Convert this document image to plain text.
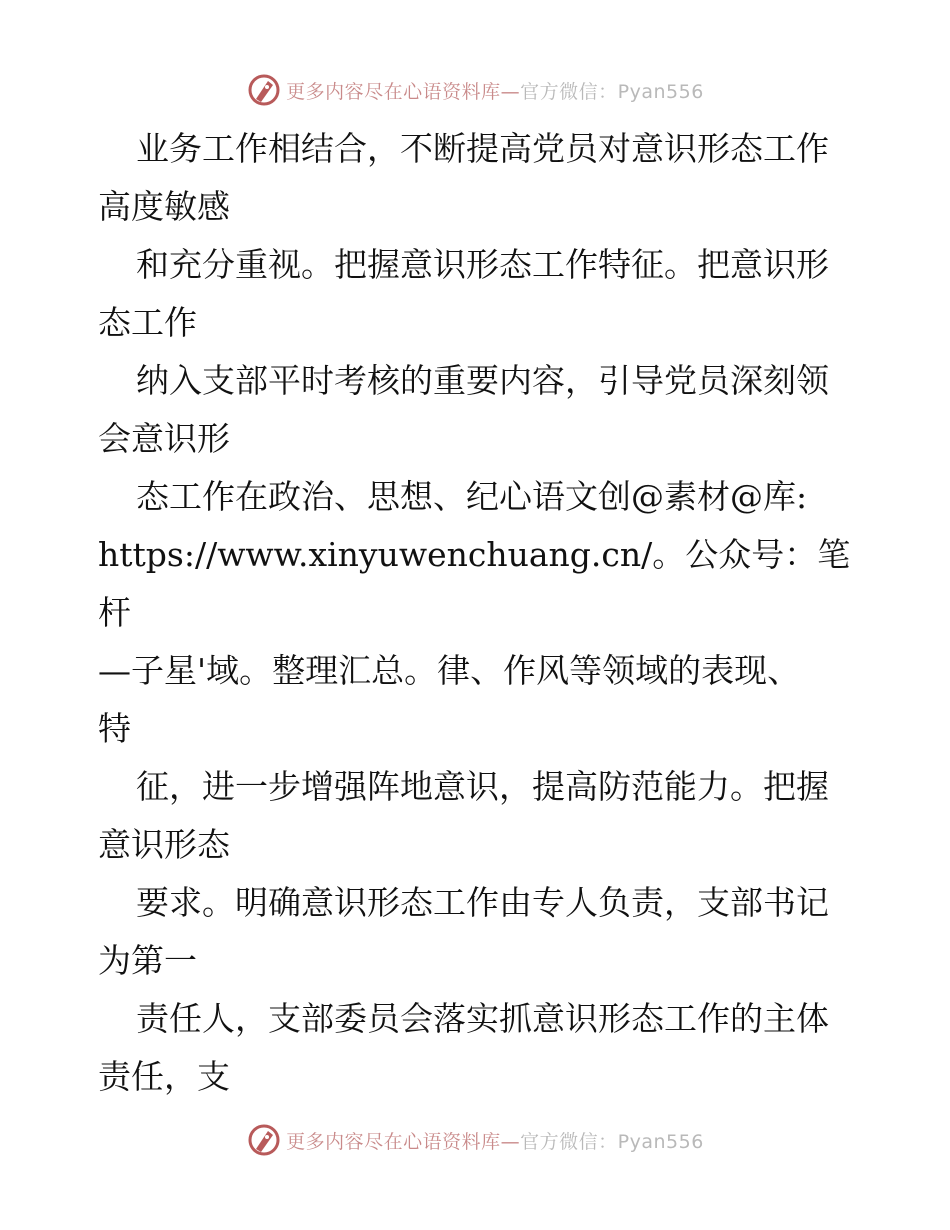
更多内容尽在心语资料库—官方微信：Pyan556

业务工作相结合，不断提高党员对意识形态工作

高度敏感

和充分重视。把握意识形态工作特征。把意识形

态工作

纳入支部平时考核的重要内容，引导党员深刻领

会意识形

态工作在政治、思想、纪心语文创@素材@库:

https://www.xinyuwenchuang.cn/。公众号：笔杆

—子星'域。整理汇总。律、作风等领域的表现、

特

征，进一步增强阵地意识，提高防范能力。把握

意识形态

要求。明确意识形态工作由专人负责，支部书记

为第一

责任人，支部委员会落实抓意识形态工作的主体

责任，支

更多内容尽在心语资料库—官方微信：Pyan556
